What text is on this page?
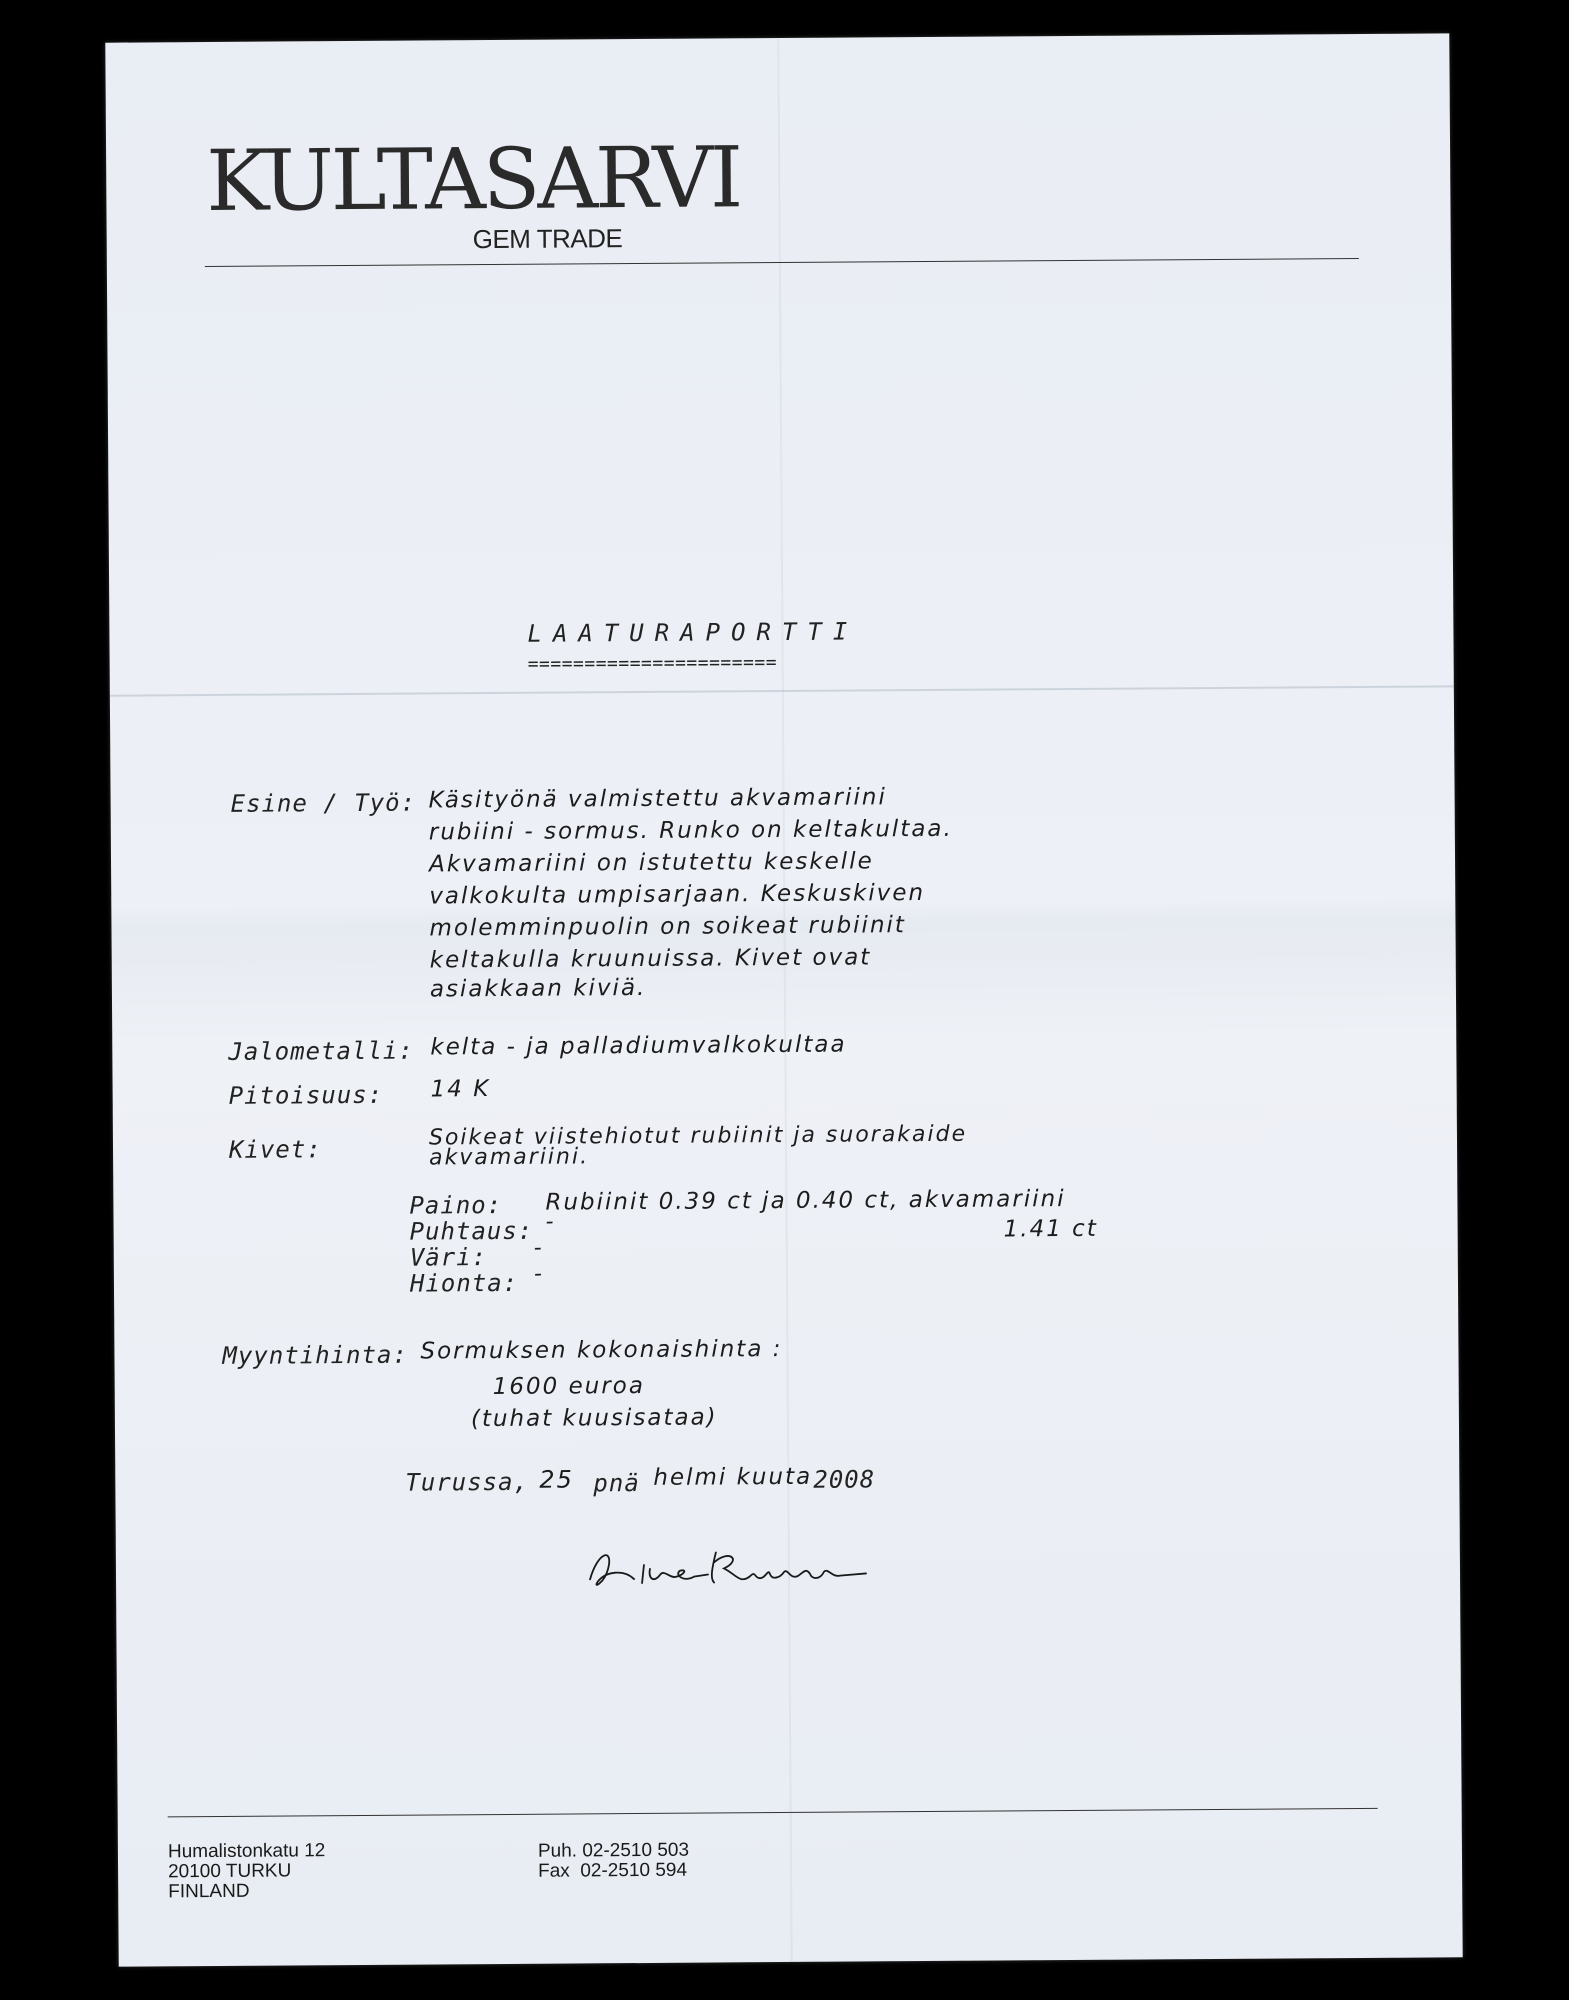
KULTASARVI
GEM TRADE
LAATURAPORTTI
======================
Esine / Työ: Käsityönä valmistettu akvamariini
rubiini - sormus. Runko on keltakultaa.
Akvamariini on istutettu keskelle
valkokulta umpisarjaan. Keskuskiven
molemminpuolin on soikeat rubiinit
keltakulla kruunuissa. Kivet ovat
asiakkaan kiviä.
Jalometalli: kelta - ja palladiumvalkokultaa
Pitoisuus: 14 K
Kivet:	Soikeat viistehiotut rubiinit ja suorakaide
akvamariini.
Paino:
Puhtaus:
Väri:
Hionta:
Rubiinit 0.39 ct ja 0.40 ct, akvamariini
1.41 ct
-
-
-
Myyntihinta: Sormuksen kokonaishinta :
1600 euroa
(tuhat kuusisataa)
Turussa, 25 pnä helmi kuuta 2008
Humalistonkatu 12
20100 TURKU
FINLAND
Puh. 02-2510 503
Fax  02-2510 594
